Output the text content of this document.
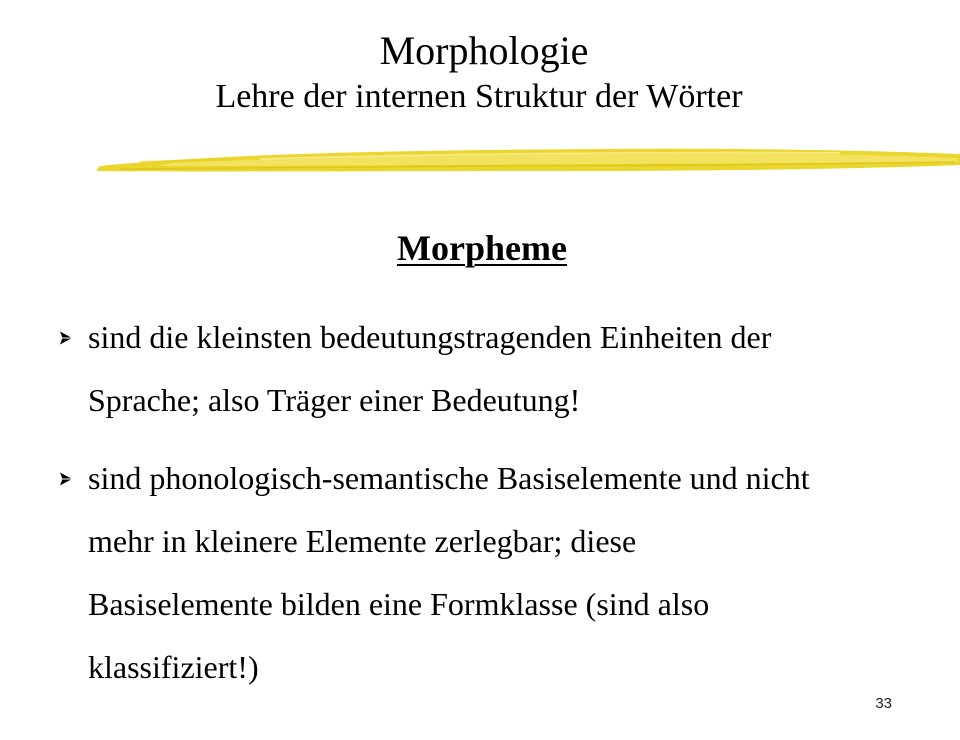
Morphologie
Lehre der internen Struktur der Wörter
Morpheme
sind die kleinsten bedeutungstragenden Einheiten der
Sprache; also Träger einer Bedeutung!
sind phonologisch-semantische Basiselemente und nicht
mehr in kleinere Elemente zerlegbar; diese
Basiselemente bilden eine Formklasse (sind also
klassifiziert!)
33
